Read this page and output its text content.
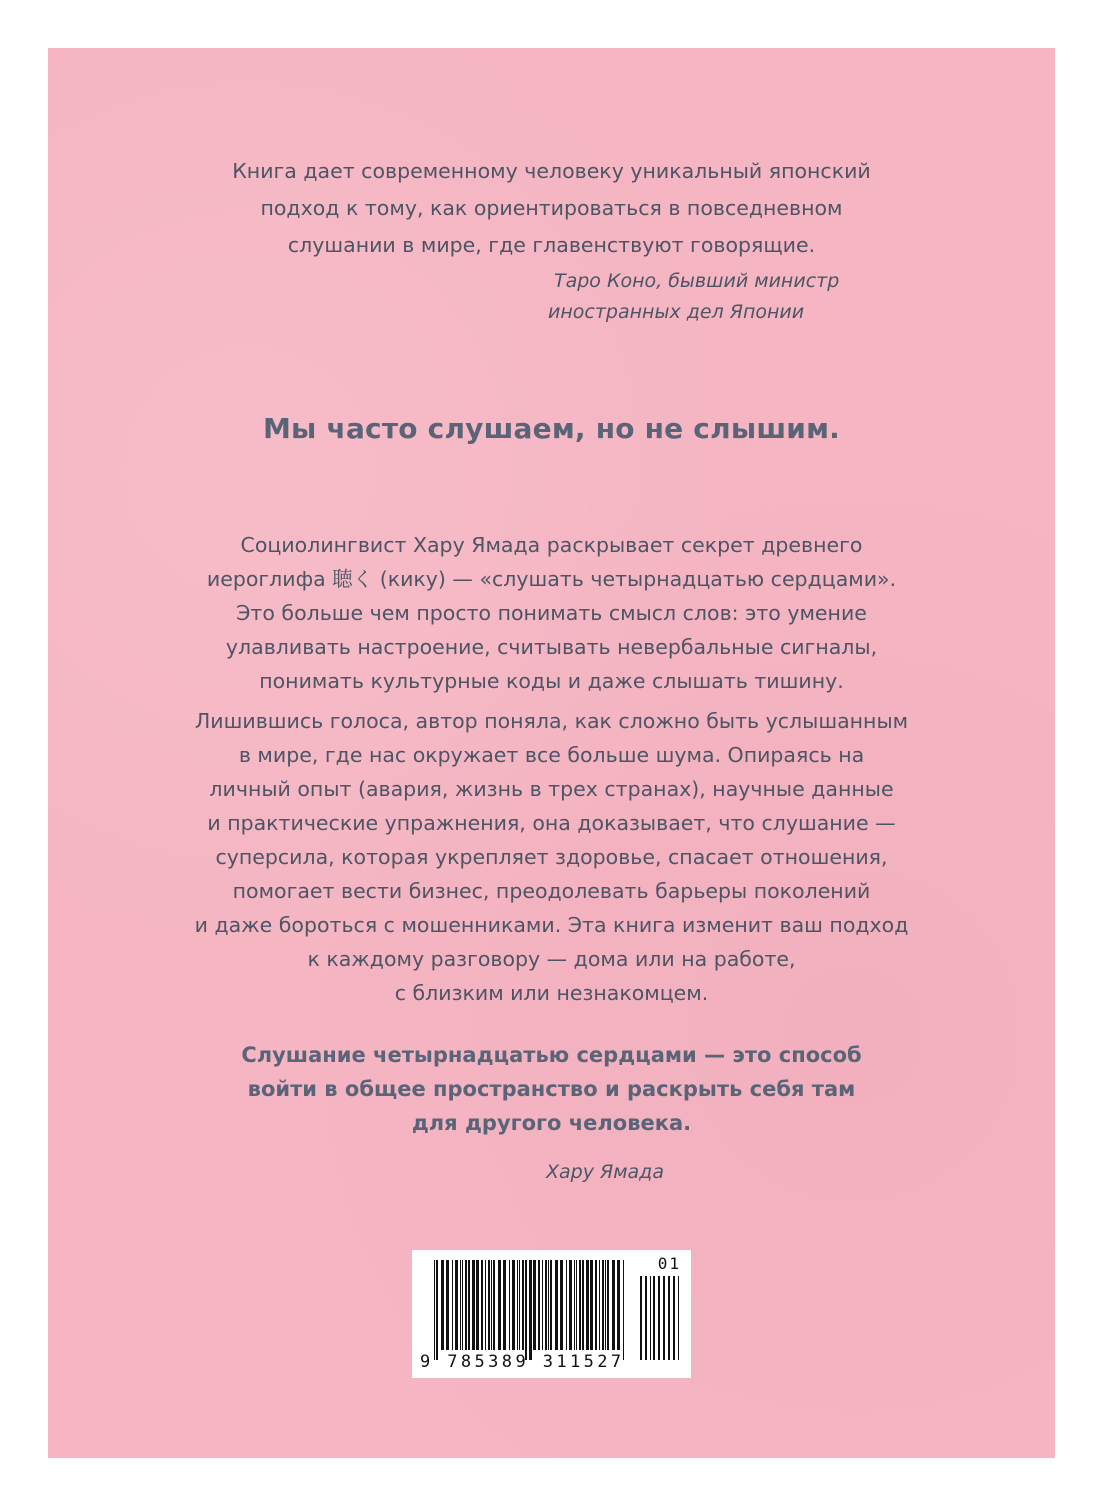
Книга дает современному человеку уникальный японский
подход к тому, как ориентироваться в повседневном
слушании в мире, где главенствуют говорящие.
Таро Коно, бывший министр
иностранных дел Японии
Мы часто слушаем, но не слышим.
Социолингвист Хару Ямада раскрывает секрет древнего
иероглифа 聴く (кику) — «слушать четырнадцатью сердцами».
Это больше чем просто понимать смысл слов: это умение
улавливать настроение, считывать невербальные сигналы,
понимать культурные коды и даже слышать тишину.
Лишившись голоса, автор поняла, как сложно быть услышанным
в мире, где нас окружает все больше шума. Опираясь на
личный опыт (авария, жизнь в трех странах), научные данные
и практические упражнения, она доказывает, что слушание —
суперсила, которая укрепляет здоровье, спасает отношения,
помогает вести бизнес, преодолевать барьеры поколений
и даже бороться с мошенниками. Эта книга изменит ваш подход
к каждому разговору — дома или на работе,
с близким или незнакомцем.
Слушание четырнадцатью сердцами — это способ
войти в общее пространство и раскрыть себя там
для другого человека.
Хару Ямада
01
9 785389 311527
